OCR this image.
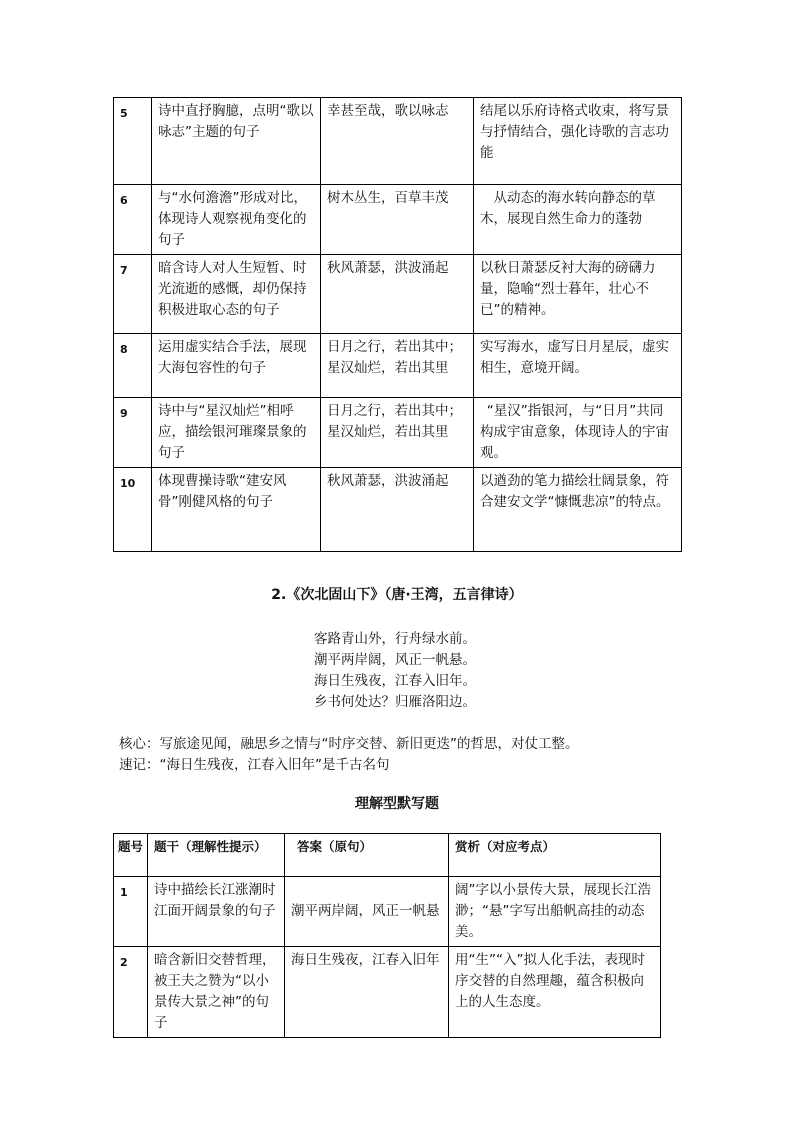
5	诗中直抒胸臆，点明“歌以咏志”主题的句子	幸甚至哉，歌以咏志	结尾以乐府诗格式收束，将写景与抒情结合，强化诗歌的言志功能
6	与“水何澹澹”形成对比，体现诗人观察视角变化的句子	树木丛生，百草丰茂	从动态的海水转向静态的草木，展现自然生命力的蓬勃
7	暗含诗人对人生短暂、时光流逝的感慨，却仍保持积极进取心态的句子	秋风萧瑟，洪波涌起	以秋日萧瑟反衬大海的磅礴力量，隐喻“烈士暮年，壮心不已”的精神。
8	运用虚实结合手法，展现大海包容性的句子	日月之行，若出其中；星汉灿烂，若出其里	实写海水，虚写日月星辰，虚实相生，意境开阔。
9	诗中与“星汉灿烂”相呼应，描绘银河璀璨景象的句子	日月之行，若出其中；星汉灿烂，若出其里	“星汉”指银河，与“日月”共同构成宇宙意象，体现诗人的宇宙观。
10	体现曹操诗歌“建安风骨”刚健风格的句子	秋风萧瑟，洪波涌起	以遒劲的笔力描绘壮阔景象，符合建安文学“慷慨悲凉”的特点。
2.《次北固山下》（唐·王湾，五言律诗）
客路青山外，行舟绿水前。
潮平两岸阔，风正一帆悬。
海日生残夜，江春入旧年。
乡书何处达？归雁洛阳边。
核心：写旅途见闻，融思乡之情与“时序交替、新旧更迭”的哲思，对仗工整。
速记：“海日生残夜，江春入旧年”是千古名句
理解型默写题
题号	题干（理解性提示）	答案（原句）	赏析（对应考点）
1	诗中描绘长江涨潮时江面开阔景象的句子	潮平两岸阔，风正一帆悬	阔”字以小景传大景，展现长江浩渺；“悬”字写出船帆高挂的动态美。
2	暗含新旧交替哲理，被王夫之赞为“以小景传大景之神”的句子	海日生残夜，江春入旧年	用“生”“入”拟人化手法，表现时序交替的自然理趣，蕴含积极向上的人生态度。
